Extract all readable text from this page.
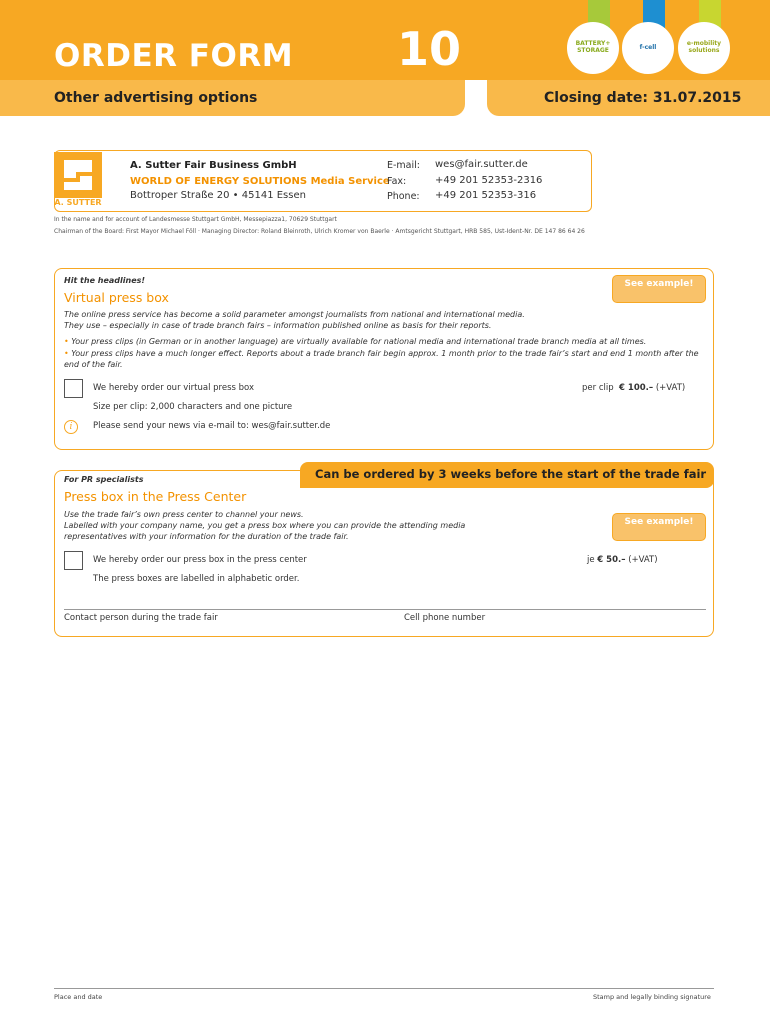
ORDER FORM 10	BATTERY+ STORAGE	f-cell	e-mobility solutions
Other advertising options	Closing date: 31.07.2015
A. SUTTER
A. Sutter Fair Business GmbH
WORLD OF ENERGY SOLUTIONS Media Service
Bottroper Straße 20 • 45141 Essen
E-mail: wes@fair.sutter.de
Fax:	+49 201 52353-2316
Phone: +49 201 52353-316
In the name and for account of Landesmesse Stuttgart GmbH, Messepiazza1, 70629 Stuttgart
Chairman of the Board: First Mayor Michael Föll · Managing Director: Roland Bleinroth, Ulrich Kromer von Baerle · Amtsgericht Stuttgart, HRB 585, Ust-Ident-Nr. DE 147 86 64 26
Hit the headlines!
Virtual press box
See example!
The online press service has become a solid parameter amongst journalists from national and international media.
They use – especially in case of trade branch fairs – information published online as basis for their reports.
• Your press clips (in German or in another language) are virtually available for national media and international trade branch media at all times.
• Your press clips have a much longer effect. Reports about a trade branch fair begin approx. 1 month prior to the trade fair’s start and end 1 month after the end of the fair.
We hereby order our virtual press box	per clip € 100.– (+VAT)
Size per clip: 2,000 characters and one picture
i	Please send your news via e-mail to: wes@fair.sutter.de
Can be ordered by 3 weeks before the start of the trade fair
For PR specialists
Press box in the Press Center
See example!
Use the trade fair’s own press center to channel your news.
Labelled with your company name, you get a press box where you can provide the attending media
representatives with your information for the duration of the trade fair.
We hereby order our press box in the press center	je € 50.– (+VAT)
The press boxes are labelled in alphabetic order.
Contact person during the trade fair	Cell phone number
Place and date	Stamp and legally binding signature
